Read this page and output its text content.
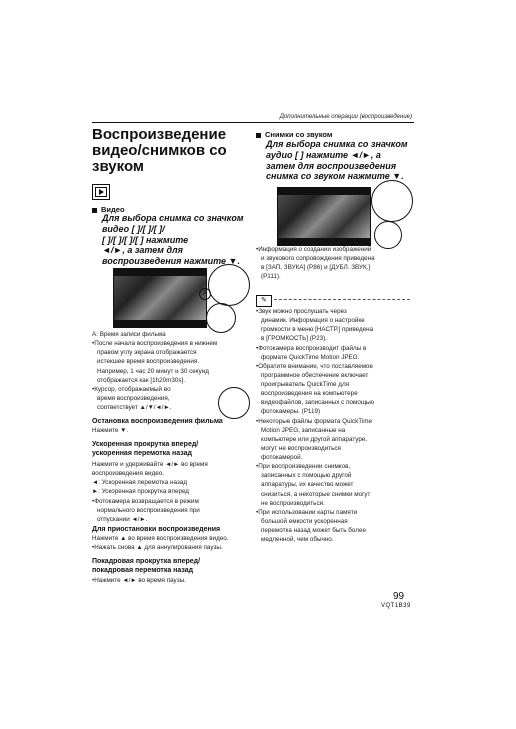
Дополнительные операции (воспроизведение)
Воспроизведение
видео/снимков со
звуком
Видео
Для выбора снимка со значком
видео [ ]/[ ]/[ ]/
[ ]/[ ]/[ ]/[ ] нажмите
◄/►, а затем для
воспроизведения нажмите ▼.
A

A: Время записи фильма

•После начала воспроизведения в нижнем

правом углу экрана отображается

истекшее время воспроизведения.

Например, 1 час 20 минут и 30 секунд

отображается как [1h20m30s].

•Курсор, отображаемый во

время воспроизведения,

соответствует ▲/▼/◄/►.

Остановка воспроизведения фильма
Нажмите ▼.
Ускоренная прокрутка вперед/
ускоренная перемотка назад

Нажмите и удерживайте ◄/► во время

воспроизведения видео.

◄: Ускоренная перемотка назад

►: Ускоренная прокрутка вперед

•Фотокамера возвращается в режим

нормального воспроизведения при

отпускании ◄/►.

Для приостановки воспроизведения

Нажмите ▲ во время воспроизведения видео.

•Нажать снова ▲ для аннулирования паузы.

Покадровая прокрутка вперед/
покадровая перемотка назад
•Нажмите ◄/► во время паузы.
Снимки со звуком
Для выбора снимка со значком
аудио [ ] нажмите ◄/►, а
затем для воспроизведения
снимка со звуком нажмите ▼.

•Информация о создании изображений

и звукового сопровождения приведена

в [ЗАП. ЗВУКА] (P86) и [ДУБЛ. ЗВУК.]

(P111).

✎

•Звук можно прослушать через

динамик. Информация о настройке

громкости в меню [НАСТР.] приведена

в [ГРОМКОСТЬ] (P23).

•Фотокамера воспроизводит файлы в

формате QuickTime Motion JPEG.

•Обратите внимание, что поставляемое

программное обеспечение включает

проигрыватель QuickTime для

воспроизведения на компьютере

видеофайлов, записанных с помощью

фотокамеры. (P119)

•Некоторые файлы формата QuickTime

Motion JPEG, записанные на

компьютере или другой аппаратуре,

могут не воспроизводиться

фотокамерой.

•При воспроизведении снимков,

записанных с помощью другой

аппаратуры, их качество может

снизиться, а некоторые снимки могут

не воспроизводиться.

•При использовании карты памяти

большой емкости ускоренная

перемотка назад может быть более

медленной, чем обычно.

99
VQT1B39
